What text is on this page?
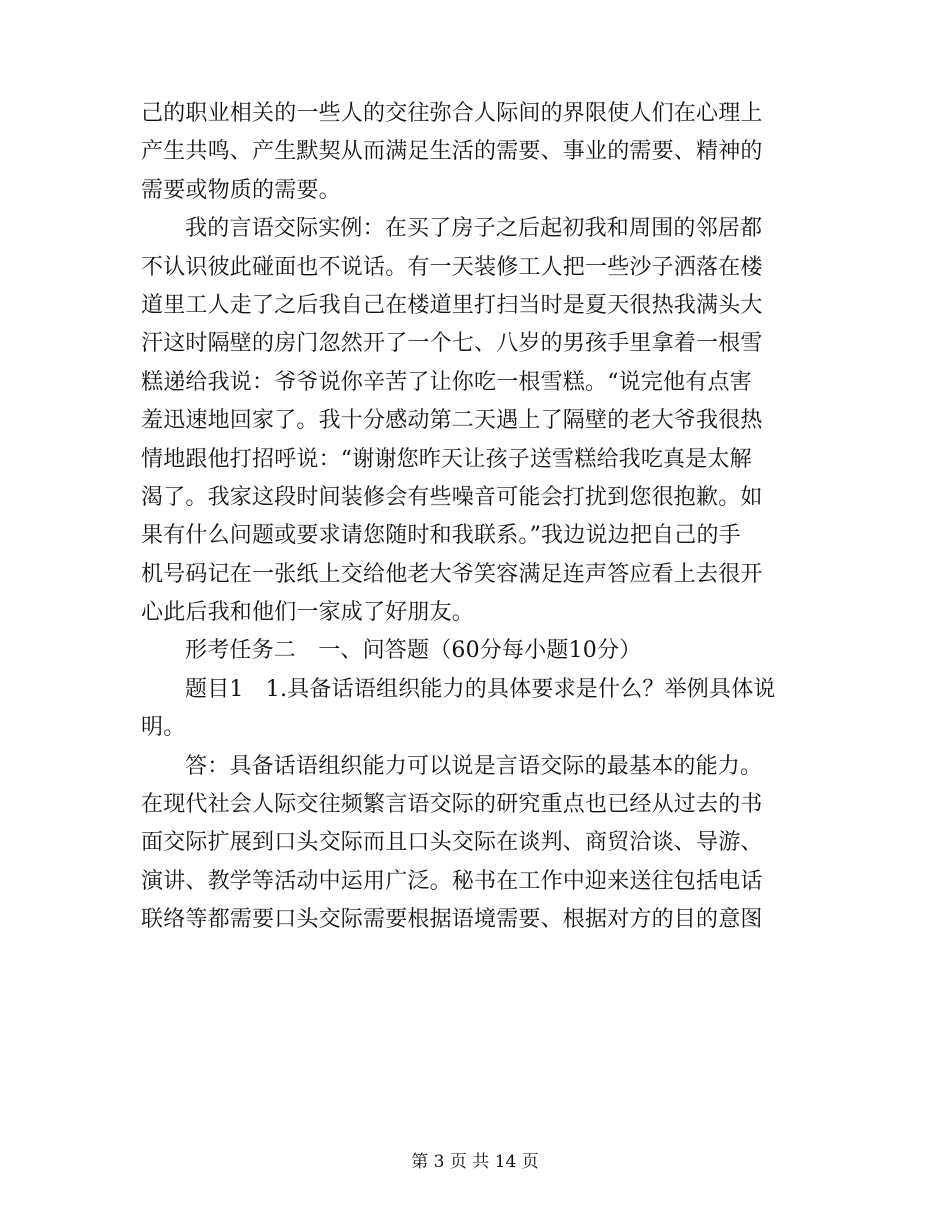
己的职业相关的一些人的交往弥合人际间的界限使人们在心理上
产生共鸣、产生默契从而满足生活的需要、事业的需要、精神的
需要或物质的需要。
我的言语交际实例：在买了房子之后起初我和周围的邻居都
不认识彼此碰面也不说话。有一天装修工人把一些沙子洒落在楼
道里工人走了之后我自己在楼道里打扫当时是夏天很热我满头大
汗这时隔壁的房门忽然开了一个七、八岁的男孩手里拿着一根雪
糕递给我说：爷爷说你辛苦了让你吃一根雪糕。“说完他有点害
羞迅速地回家了。我十分感动第二天遇上了隔壁的老大爷我很热
情地跟他打招呼说：“谢谢您昨天让孩子送雪糕给我吃真是太解
渴了。我家这段时间装修会有些噪音可能会打扰到您很抱歉。如
果有什么问题或要求请您随时和我联系。”我边说边把自己的手
机号码记在一张纸上交给他老大爷笑容满足连声答应看上去很开
心此后我和他们一家成了好朋友。
形考任务二　一、问答题（60分每小题10分）
题目1　1.具备话语组织能力的具体要求是什么？举例具体说
明。
答：具备话语组织能力可以说是言语交际的最基本的能力。
在现代社会人际交往频繁言语交际的研究重点也已经从过去的书
面交际扩展到口头交际而且口头交际在谈判、商贸洽谈、导游、
演讲、教学等活动中运用广泛。秘书在工作中迎来送往包括电话
联络等都需要口头交际需要根据语境需要、根据对方的目的意图
第 3 页 共 14 页
